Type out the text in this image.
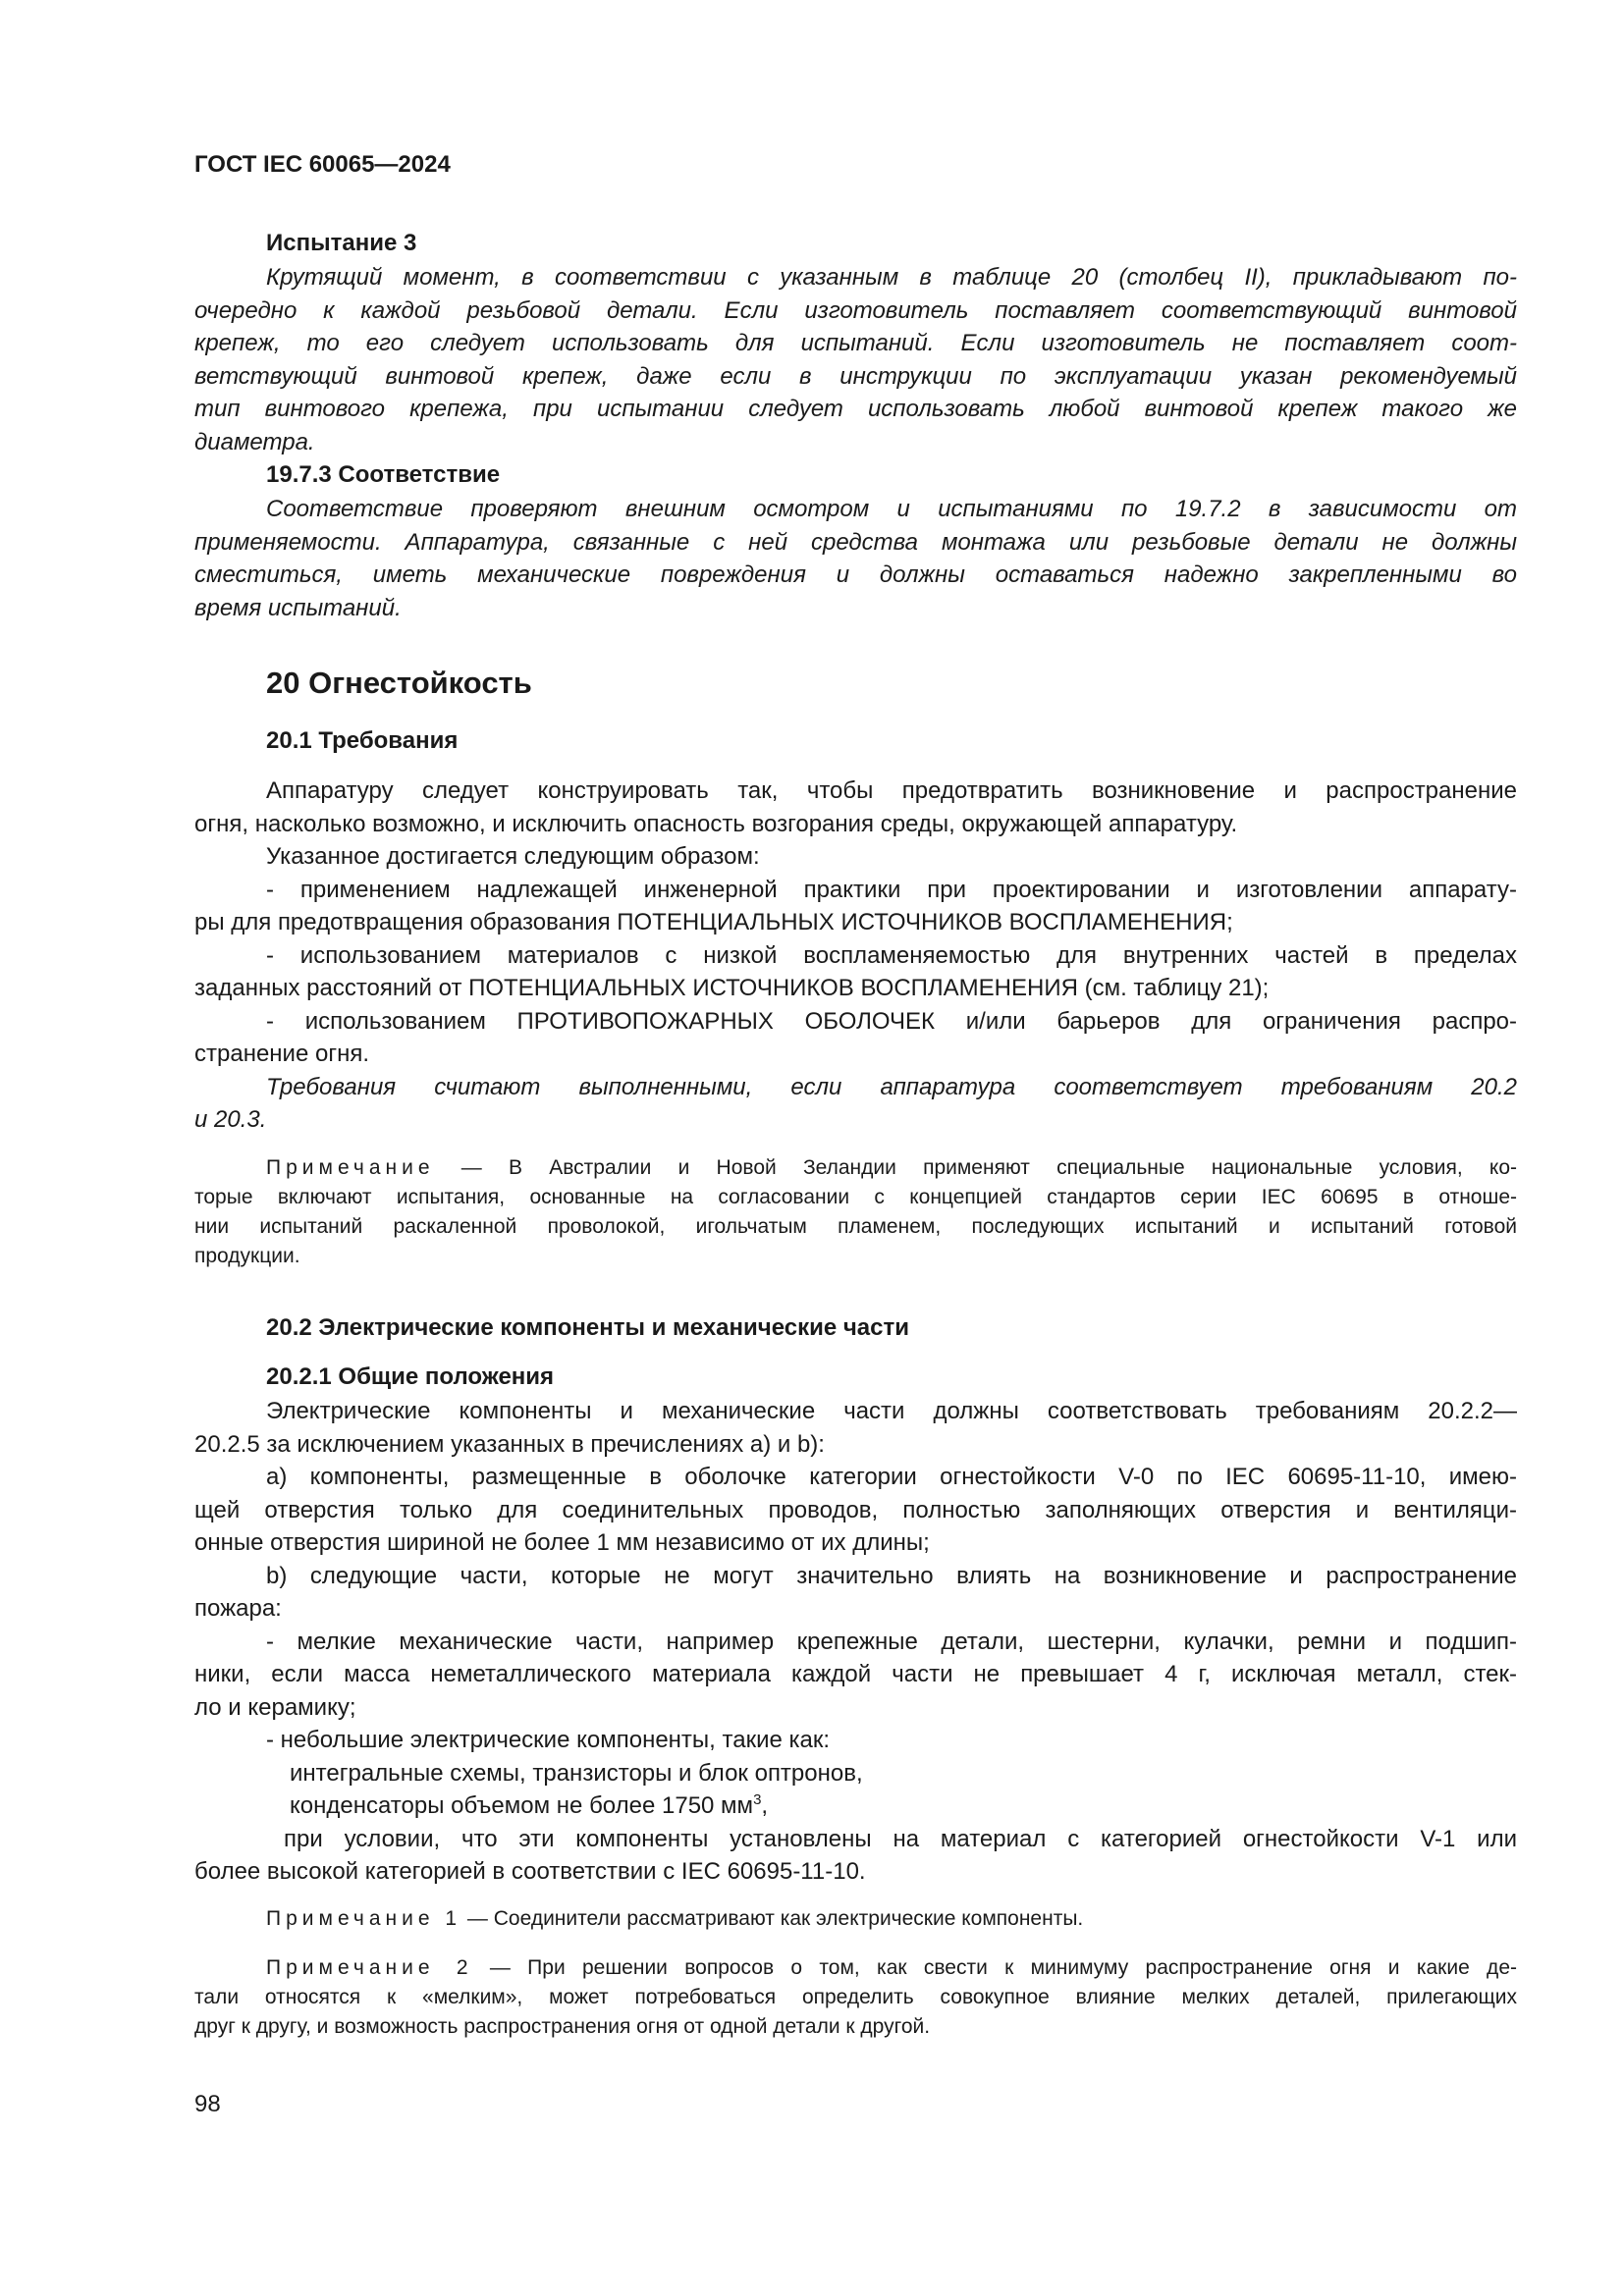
ГОСТ IEC 60065—2024
Испытание 3
Крутящий момент, в соответствии с указанным в таблице 20 (столбец II), прикладывают по-
очередно к каждой резьбовой детали. Если изготовитель поставляет соответствующий винтовой
крепеж, то его следует использовать для испытаний. Если изготовитель не поставляет соот-
ветствующий винтовой крепеж, даже если в инструкции по эксплуатации указан рекомендуемый
тип винтового крепежа, при испытании следует использовать любой винтовой крепеж такого же
диаметра.
19.7.3 Соответствие
Соответствие проверяют внешним осмотром и испытаниями по 19.7.2 в зависимости от
применяемости. Аппаратура, связанные с ней средства монтажа или резьбовые детали не должны
сместиться, иметь механические повреждения и должны оставаться надежно закрепленными во
время испытаний.
20 Огнестойкость
20.1 Требования
Аппаратуру следует конструировать так, чтобы предотвратить возникновение и распространение
огня, насколько возможно, и исключить опасность возгорания среды, окружающей аппаратуру.
Указанное достигается следующим образом:
- применением надлежащей инженерной практики при проектировании и изготовлении аппарату-
ры для предотвращения образования ПОТЕНЦИАЛЬНЫХ ИСТОЧНИКОВ ВОСПЛАМЕНЕНИЯ;
- использованием материалов с низкой воспламеняемостью для внутренних частей в пределах
заданных расстояний от ПОТЕНЦИАЛЬНЫХ ИСТОЧНИКОВ ВОСПЛАМЕНЕНИЯ (см. таблицу 21);
- использованием ПРОТИВОПОЖАРНЫХ ОБОЛОЧЕК и/или барьеров для ограничения распро-
странение огня.
Требования считают выполненными, если аппаратура соответствует требованиям 20.2
и 20.3.
Примечание — В Австралии и Новой Зеландии применяют специальные национальные условия, ко-
торые включают испытания, основанные на согласовании с концепцией стандартов серии IEC 60695 в отноше-
нии испытаний раскаленной проволокой, игольчатым пламенем, последующих испытаний и испытаний готовой
продукции.
20.2 Электрические компоненты и механические части
20.2.1 Общие положения
Электрические компоненты и механические части должны соответствовать требованиям 20.2.2—
20.2.5 за исключением указанных в пречислениях a) и b):
a) компоненты, размещенные в оболочке категории огнестойкости V-0 по IEC 60695-11-10, имею-
щей отверстия только для соединительных проводов, полностью заполняющих отверстия и вентиляци-
онные отверстия шириной не более 1 мм независимо от их длины;
b) следующие части, которые не могут значительно влиять на возникновение и распространение
пожара:
- мелкие механические части, например крепежные детали, шестерни, кулачки, ремни и подшип-
ники, если масса неметаллического материала каждой части не превышает 4 г, исключая металл, стек-
ло и керамику;
- небольшие электрические компоненты, такие как:
интегральные схемы, транзисторы и блок оптронов,
конденсаторы объемом не более 1750 $мм^3$,
при условии, что эти компоненты установлены на материал с категорией огнестойкости V-1 или
более высокой категорией в соответствии с IEC 60695-11-10.
Примечание 1 — Соединители рассматривают как электрические компоненты.
Примечание 2 — При решении вопросов о том, как свести к минимуму распространение огня и какие де-
тали относятся к «мелким», может потребоваться определить совокупное влияние мелких деталей, прилегающих
друг к другу, и возможность распространения огня от одной детали к другой.
98
